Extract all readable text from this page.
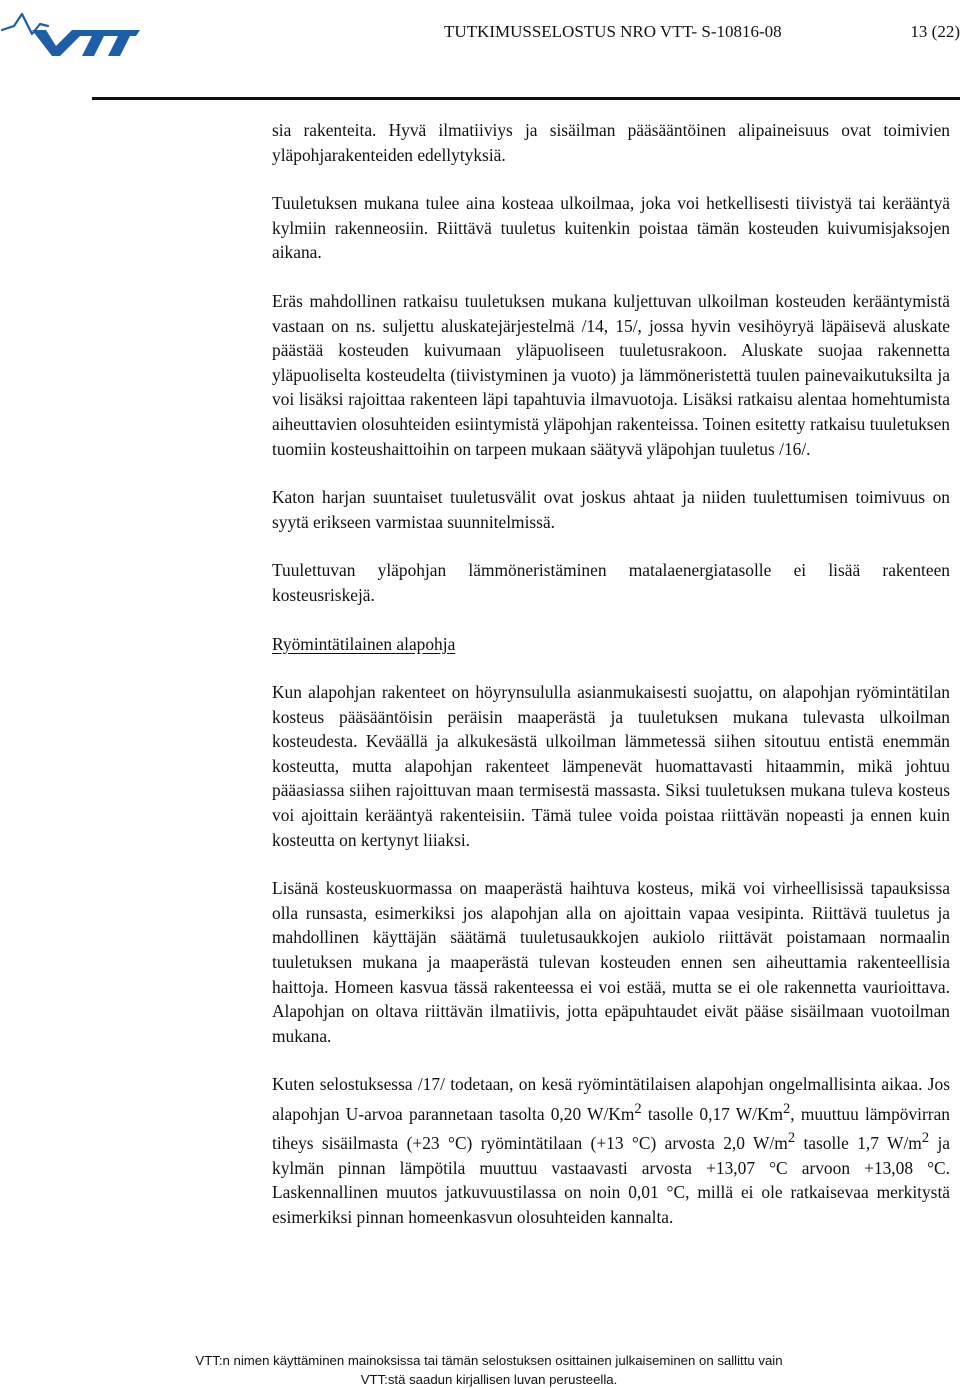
TUTKIMUSSELOSTUS NRO VTT- S-10816-08	13 (22)

sia rakenteita. Hyvä ilmatiiviys ja sisäilman pääsääntöinen alipaineisuus ovat toimivien yläpohjarakenteiden edellytyksiä.

Tuuletuksen mukana tulee aina kosteaa ulkoilmaa, joka voi hetkellisesti tiivistyä tai kerääntyä kylmiin rakenneosiin. Riittävä tuuletus kuitenkin poistaa tämän kosteuden kuivumisjaksojen aikana.

Eräs mahdollinen ratkaisu tuuletuksen mukana kuljettuvan ulkoilman kosteuden kerääntymistä vastaan on ns. suljettu aluskatejärjestelmä /14, 15/, jossa hyvin vesihöyryä läpäisevä aluskate päästää kosteuden kuivumaan yläpuoliseen tuuletusrakoon. Aluskate suojaa rakennetta yläpuoliselta kosteudelta (tiivistyminen ja vuoto) ja lämmöneristettä tuulen painevaikutuksilta ja voi lisäksi rajoittaa rakenteen läpi tapahtuvia ilmavuotoja. Lisäksi ratkaisu alentaa homehtumista aiheuttavien olosuhteiden esiintymistä yläpohjan rakenteissa. Toinen esitetty ratkaisu tuuletuksen tuomiin kosteushaittoihin on tarpeen mukaan säätyvä yläpohjan tuuletus /16/.

Katon harjan suuntaiset tuuletusvälit ovat joskus ahtaat ja niiden tuulettumisen toimivuus on syytä erikseen varmistaa suunnitelmissä.

Tuulettuvan yläpohjan lämmöneristäminen matalaenergiatasolle ei lisää rakenteen kosteusriskejä.

Ryömintätilainen alapohja

Kun alapohjan rakenteet on höyrynsululla asianmukaisesti suojattu, on alapohjan ryömintätilan kosteus pääsääntöisin peräisin maaperästä ja tuuletuksen mukana tulevasta ulkoilman kosteudesta. Keväällä ja alkukesästä ulkoilman lämmetessä siihen sitoutuu entistä enemmän kosteutta, mutta alapohjan rakenteet lämpenevät huomattavasti hitaammin, mikä johtuu pääasiassa siihen rajoittuvan maan termisestä massasta. Siksi tuuletuksen mukana tuleva kosteus voi ajoittain kerääntyä rakenteisiin. Tämä tulee voida poistaa riittävän nopeasti ja ennen kuin kosteutta on kertynyt liiaksi.

Lisänä kosteuskuormassa on maaperästä haihtuva kosteus, mikä voi virheellisissä tapauksissa olla runsasta, esimerkiksi jos alapohjan alla on ajoittain vapaa vesipinta. Riittävä tuuletus ja mahdollinen käyttäjän säätämä tuuletusaukkojen aukiolo riittävät poistamaan normaalin tuuletuksen mukana ja maaperästä tulevan kosteuden ennen sen aiheuttamia rakenteellisia haittoja. Homeen kasvua tässä rakenteessa ei voi estää, mutta se ei ole rakennetta vaurioittava. Alapohjan on oltava riittävän ilmatiivis, jotta epäpuhtaudet eivät pääse sisäilmaan vuotoilman mukana.

Kuten selostuksessa /17/ todetaan, on kesä ryömintätilaisen alapohjan ongelmallisinta aikaa. Jos alapohjan U-arvoa parannetaan tasolta 0,20 W/Km$^2$ tasolle 0,17 W/Km$^2$, muuttuu lämpövirran tiheys sisäilmasta (+23 °C) ryömintätilaan (+13 °C) arvosta 2,0 $W/m^2$ tasolle 1,7 $W/m^2$ ja kylmän pinnan lämpötila muuttuu vastaavasti arvosta +13,07 °C arvoon +13,08 °C. Laskennallinen muutos jatkuvuustilassa on noin 0,01 °C, millä ei ole ratkaisevaa merkitystä esimerkiksi pinnan homeenkasvun olosuhteiden kannalta.

VTT:n nimen käyttäminen mainoksissa tai tämän selostuksen osittainen julkaiseminen on sallittu vain
VTT:stä saadun kirjallisen luvan perusteella.
